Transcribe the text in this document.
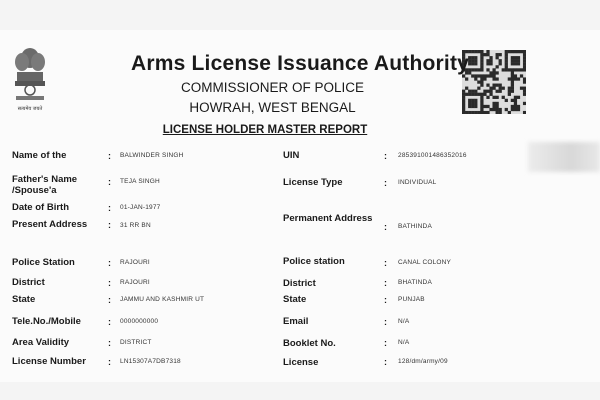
सत्यमेव जयते
Arms License Issuance Authority
COMMISSIONER OF POLICE
HOWRAH, WEST BENGAL
LICENSE HOLDER MASTER REPORT
Name of the	: BALWINDER SINGH
Father's Name /Spouse'a
: TEJA SINGH
Date of Birth	: 01-JAN-1977
Present Address : 31 RR BN
Police Station	: RAJOURI
District	: RAJOURI
State	: JAMMU AND KASHMIR UT
Tele.No./Mobile	: 0000000000
Area Validity	: DISTRICT
License Number : LN15307A7DB7318
UIN	: 285391001486352016
License Type	: INDIVIDUAL
Permanent Address
: BATHINDA
Police station	: CANAL COLONY
District	: BHATINDA
State	: PUNJAB
Email	: N/A
Booklet No.	: N/A
License	: 128/dm/army/09
